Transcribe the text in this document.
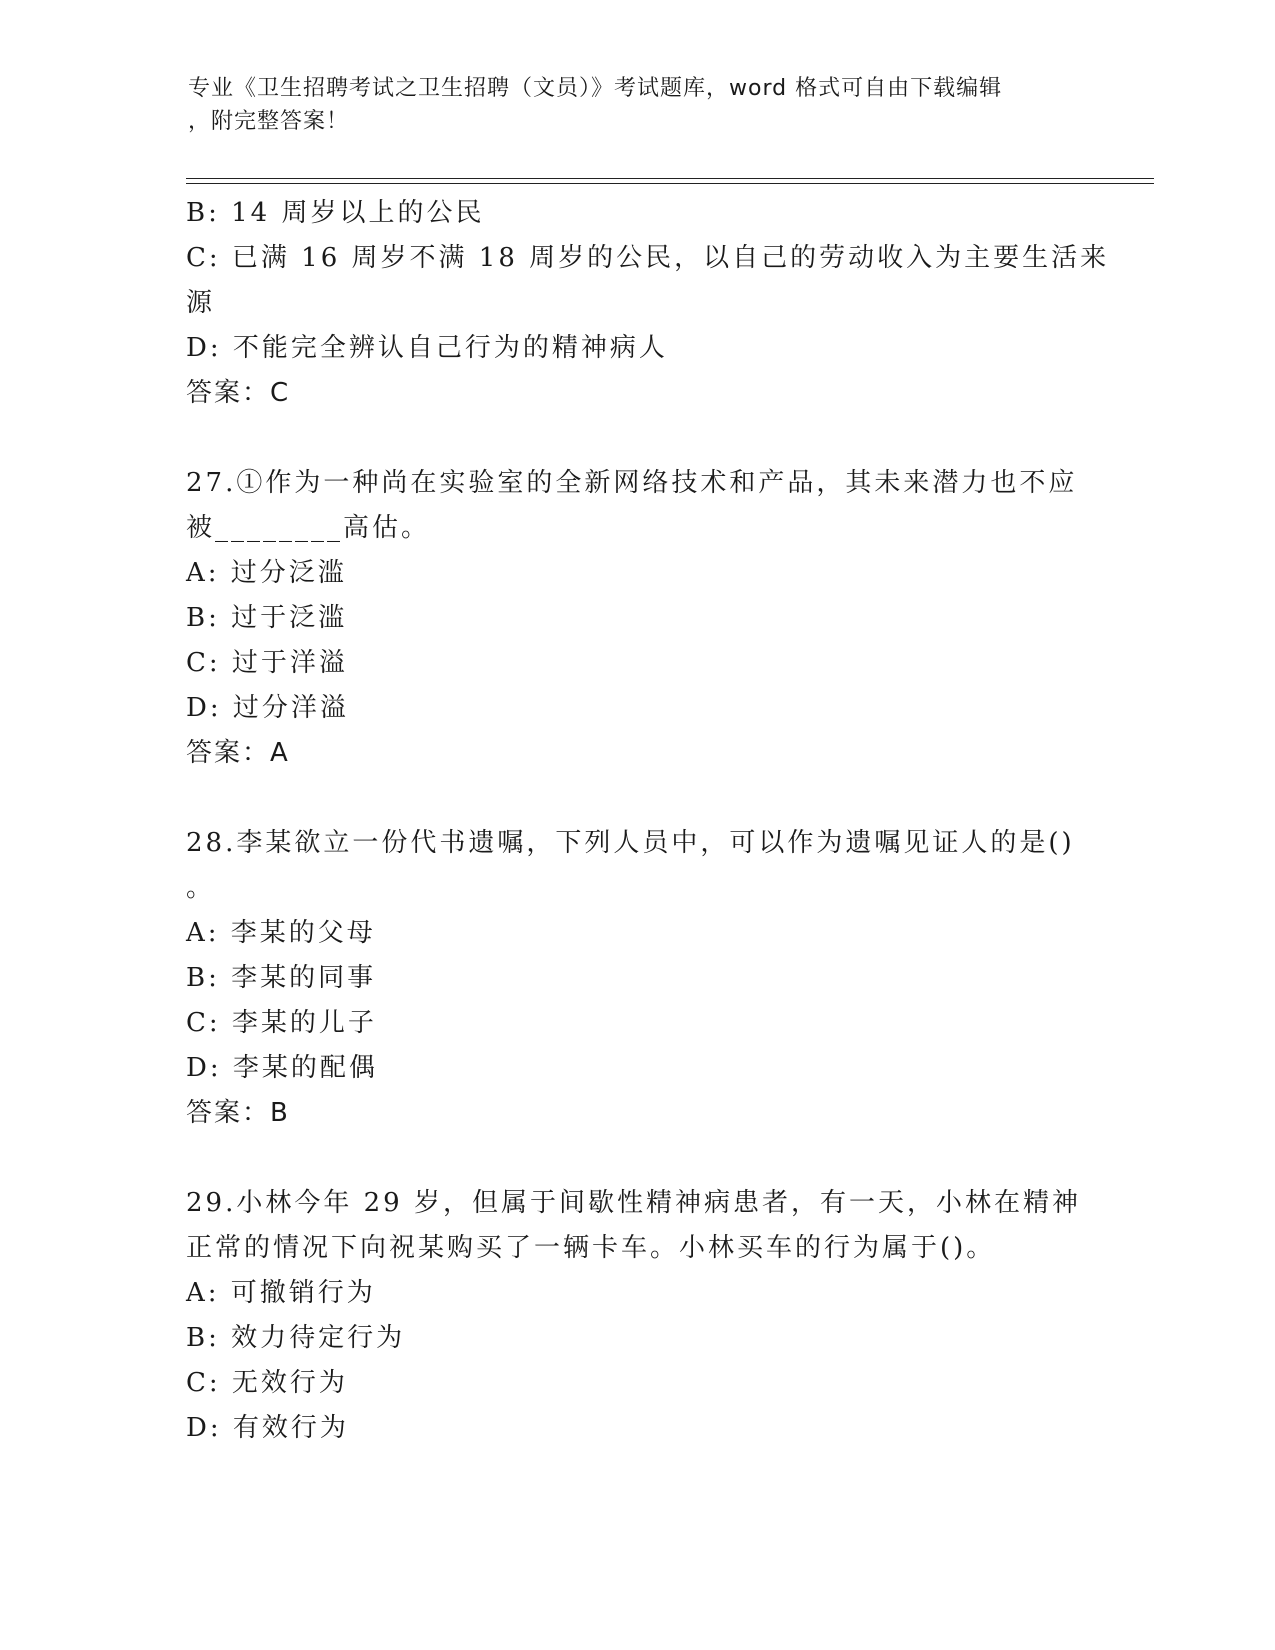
专业《卫生招聘考试之卫生招聘（文员）》考试题库，word 格式可自由下载编辑
，附完整答案！
B: 14 周岁以上的公民
C: 已满 16 周岁不满 18 周岁的公民，以自己的劳动收入为主要生活来
源
D: 不能完全辨认自己行为的精神病人
答案：C
27.①作为一种尚在实验室的全新网络技术和产品，其未来潜力也不应
被________高估。
A: 过分泛滥
B: 过于泛滥
C: 过于洋溢
D: 过分洋溢
答案：A
28.李某欲立一份代书遗嘱，下列人员中，可以作为遗嘱见证人的是()
。
A: 李某的父母
B: 李某的同事
C: 李某的儿子
D: 李某的配偶
答案：B
29.小林今年 29 岁，但属于间歇性精神病患者，有一天，小林在精神
正常的情况下向祝某购买了一辆卡车。小林买车的行为属于()。
A: 可撤销行为
B: 效力待定行为
C: 无效行为
D: 有效行为
